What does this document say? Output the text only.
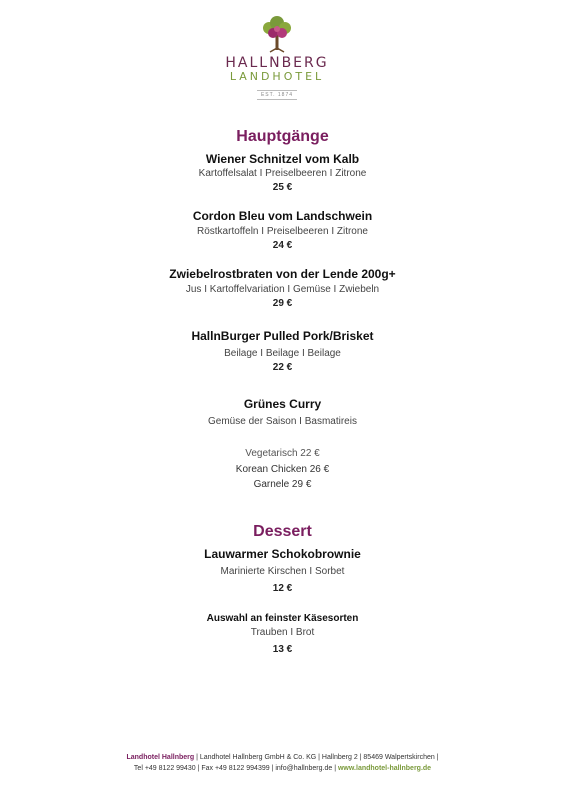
HALLNBERG
LANDHOTEL
EST. 1874
Hauptgänge
Wiener Schnitzel vom Kalb
Kartoffelsalat I Preiselbeeren I Zitrone
25 €
Cordon Bleu vom Landschwein
Röstkartoffeln I Preiselbeeren I Zitrone
24 €
Zwiebelrostbraten von der Lende 200g+
Jus I Kartoffelvariation I Gemüse I Zwiebeln
29 €
HallnBurger Pulled Pork/Brisket
Beilage I Beilage I Beilage
22 €
Grünes Curry
Gemüse der Saison I Basmatireis
Vegetarisch 22 €
Korean Chicken 26 €
Garnele 29 €
Dessert
Lauwarmer Schokobrownie
Marinierte Kirschen I Sorbet
12 €
Auswahl an feinster Käsesorten
Trauben I Brot
13 €
Landhotel Hallnberg | Landhotel Hallnberg GmbH & Co. KG | Hallnberg 2 | 85469 Walpertskirchen |
Tel +49 8122 99430 | Fax +49 8122 994399 | info@hallnberg.de | www.landhotel-hallnberg.de
